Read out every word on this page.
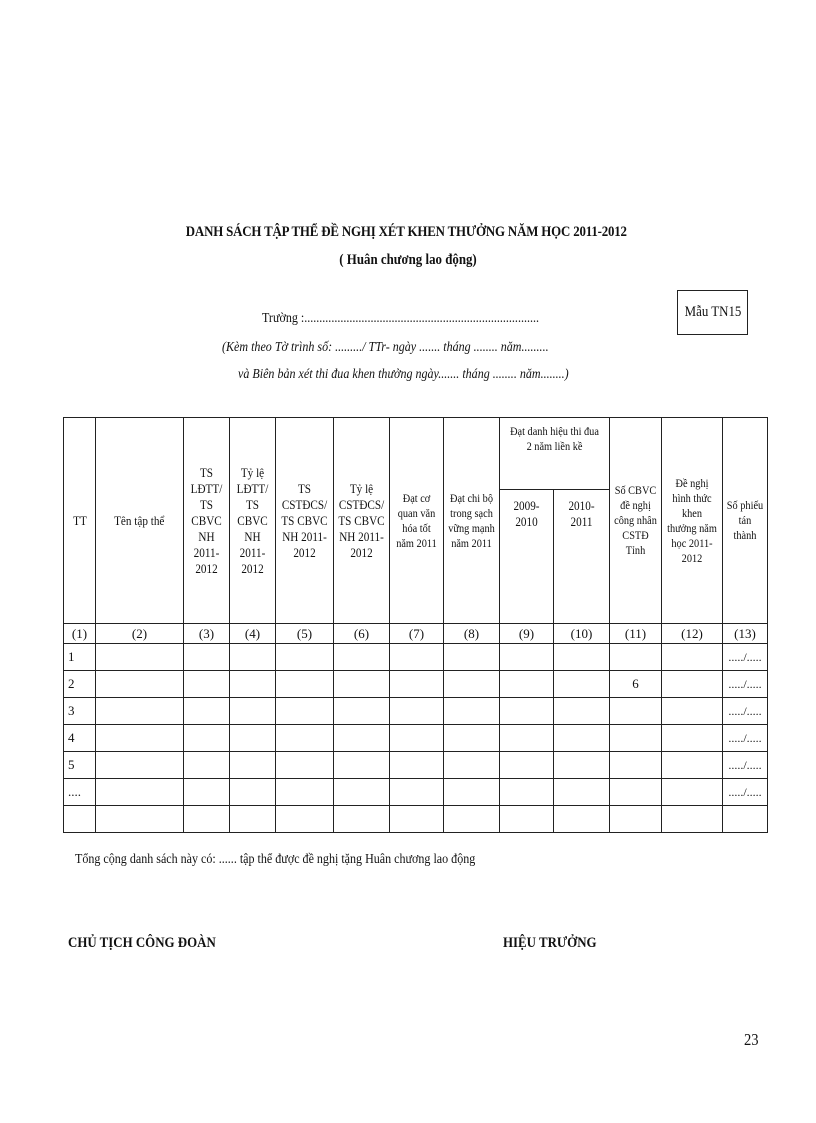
DANH SÁCH TẬP THỂ ĐỀ NGHỊ XÉT KHEN THƯỞNG NĂM HỌC 2011-2012
( Huân chương lao động)
Mẫu TN15
Trường :..............................................................................
(Kèm theo Tờ trình số: ........./ TTr- ngày ....... tháng ........ năm.........
và Biên bản xét thi đua khen thưởng ngày....... tháng ........ năm........)
TT	Tên tập thể	TS LĐTT/ TS CBVC NH 2011-2012	Tỷ lệ LĐTT/ TS CBVC NH 2011-2012	TS CSTĐCS/ TS CBVC NH 2011-2012	Tỷ lệ CSTĐCS/ TS CBVC NH 2011-2012	Đạt cơ quan văn hóa tốt năm 2011	Đạt chi bộ trong sạch vững mạnh năm 2011	Đạt danh hiệu thi đua 2 năm liền kề		Số CBVC đề nghị công nhân CSTĐ Tỉnh	Đề nghị hình thức khen thưởng năm học 2011-2012	Số phiếu tán thành
								2009-2010	2010-2011			
(1)	(2)	(3)	(4)	(5)	(6)	(7)	(8)	(9)	(10)	(11)	(12)	(13)
1												...../.....
2										6		...../.....
3												...../.....
4												...../.....
5												...../.....
....												...../.....

Tổng cộng danh sách này có: ...... tập thể được đề nghị tặng Huân chương lao động
CHỦ TỊCH CÔNG ĐOÀN	HIỆU TRƯỞNG
23
